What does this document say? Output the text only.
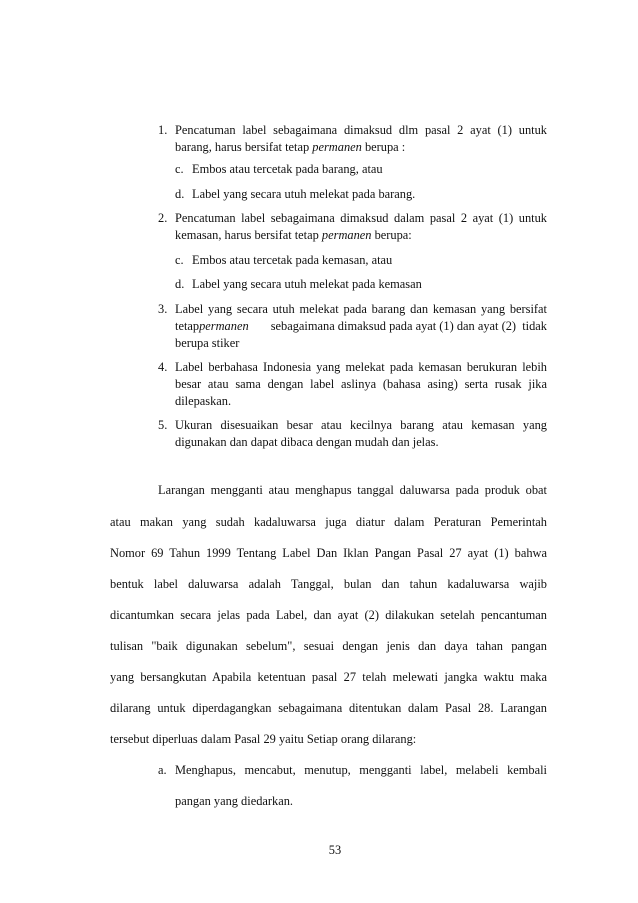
1. Pencatuman label sebagaimana dimaksud dlm pasal 2 ayat (1) untuk
barang, harus bersifat tetap permanen berupa :
c. Embos atau tercetak pada barang, atau
d. Label yang secara utuh melekat pada barang.
2. Pencatuman label sebagaimana dimaksud dalam pasal 2 ayat (1) untuk
kemasan, harus bersifat tetap permanen berupa:
c. Embos atau tercetak pada kemasan, atau
d. Label yang secara utuh melekat pada kemasan
3. Label yang secara utuh melekat pada barang dan kemasan yang bersifat
tetap permanen	sebagaimana dimaksud pada ayat (1) dan ayat (2)  tidak
berupa stiker
4. Label berbahasa Indonesia yang melekat pada kemasan berukuran lebih
besar atau sama dengan label aslinya (bahasa asing) serta rusak jika
dilepaskan.
5. Ukuran disesuaikan besar atau kecilnya barang atau kemasan yang
digunakan dan dapat dibaca dengan mudah dan jelas.
Larangan mengganti atau menghapus tanggal daluwarsa pada produk obat
atau makan yang sudah kadaluwarsa juga diatur dalam Peraturan Pemerintah
Nomor 69 Tahun 1999 Tentang Label Dan Iklan Pangan Pasal 27 ayat (1) bahwa
bentuk label daluwarsa adalah Tanggal, bulan dan tahun kadaluwarsa wajib
dicantumkan secara jelas pada Label, dan ayat (2) dilakukan setelah pencantuman
tulisan "baik digunakan sebelum", sesuai dengan jenis dan daya tahan pangan
yang bersangkutan Apabila ketentuan pasal 27 telah melewati jangka waktu maka
dilarang untuk diperdagangkan sebagaimana ditentukan dalam Pasal 28. Larangan
tersebut diperluas dalam Pasal 29 yaitu Setiap orang dilarang:
a. Menghapus, mencabut, menutup, mengganti label, melabeli kembali
pangan yang diedarkan.
53
